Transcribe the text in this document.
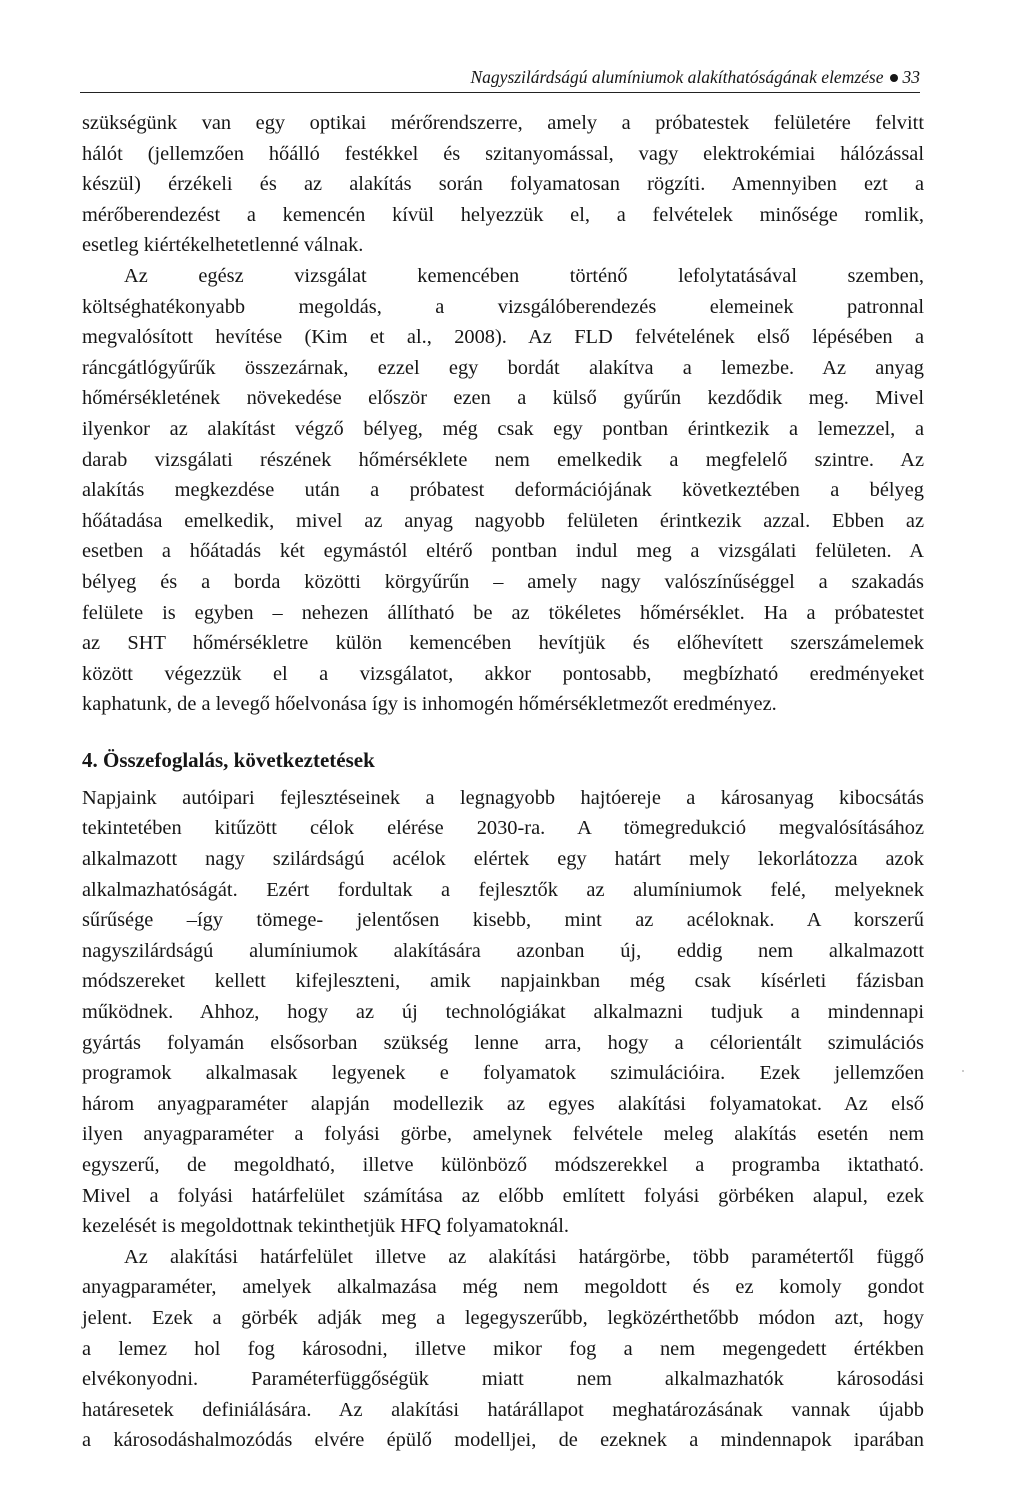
Nagyszilárdságú alumíniumok alakíthatóságának elemzése 33

szükségünk van egy optikai mérőrendszerre, amely a próbatestek felületére felvitt
hálót (jellemzően hőálló festékkel és szitanyomással, vagy elektrokémiai hálózással
készül) érzékeli és az alakítás során folyamatosan rögzíti. Amennyiben ezt a
mérőberendezést a kemencén kívül helyezzük el, a felvételek minősége romlik,
esetleg kiértékelhetetlenné válnak.

Az egész vizsgálat kemencében történő lefolytatásával szemben,
költséghatékonyabb megoldás, a vizsgálóberendezés elemeinek patronnal
megvalósított hevítése (Kim et al., 2008). Az FLD felvételének első lépésében a
ráncgátlógyűrűk összezárnak, ezzel egy bordát alakítva a lemezbe. Az anyag
hőmérsékletének növekedése először ezen a külső gyűrűn kezdődik meg. Mivel
ilyenkor az alakítást végző bélyeg, még csak egy pontban érintkezik a lemezzel, a
darab vizsgálati részének hőmérséklete nem emelkedik a megfelelő szintre. Az
alakítás megkezdése után a próbatest deformációjának következtében a bélyeg
hőátadása emelkedik, mivel az anyag nagyobb felületen érintkezik azzal. Ebben az
esetben a hőátadás két egymástól eltérő pontban indul meg a vizsgálati felületen. A
bélyeg és a borda közötti körgyűrűn – amely nagy valószínűséggel a szakadás
felülete is egyben – nehezen állítható be az tökéletes hőmérséklet. Ha a próbatestet
az SHT hőmérsékletre külön kemencében hevítjük és előhevített szerszámelemek
között végezzük el a vizsgálatot, akkor pontosabb, megbízható eredményeket
kaphatunk, de a levegő hőelvonása így is inhomogén hőmérsékletmezőt eredményez.

4. Összefoglalás, következtetések

Napjaink autóipari fejlesztéseinek a legnagyobb hajtóereje a károsanyag kibocsátás
tekintetében kitűzött célok elérése 2030-ra. A tömegredukció megvalósításához
alkalmazott nagy szilárdságú acélok elértek egy határt mely lekorlátozza azok
alkalmazhatóságát. Ezért fordultak a fejlesztők az alumíniumok felé, melyeknek
sűrűsége –így tömege- jelentősen kisebb, mint az acéloknak. A korszerű
nagyszilárdságú alumíniumok alakítására azonban új, eddig nem alkalmazott
módszereket kellett kifejleszteni, amik napjainkban még csak kísérleti fázisban
működnek. Ahhoz, hogy az új technológiákat alkalmazni tudjuk a mindennapi
gyártás folyamán elsősorban szükség lenne arra, hogy a célorientált szimulációs
programok alkalmasak legyenek e folyamatok szimulációira. Ezek jellemzően
három anyagparaméter alapján modellezik az egyes alakítási folyamatokat. Az első
ilyen anyagparaméter a folyási görbe, amelynek felvétele meleg alakítás esetén nem
egyszerű, de megoldható, illetve különböző módszerekkel a programba iktatható.
Mivel a folyási határfelület számítása az előbb említett folyási görbéken alapul, ezek
kezelését is megoldottnak tekinthetjük HFQ folyamatoknál.

Az alakítási határfelület illetve az alakítási határgörbe, több paramétertől függő
anyagparaméter, amelyek alkalmazása még nem megoldott és ez komoly gondot
jelent. Ezek a görbék adják meg a legegyszerűbb, legközérthetőbb módon azt, hogy
a lemez hol fog károsodni, illetve mikor fog a nem megengedett értékben
elvékonyodni. Paraméterfüggőségük miatt nem alkalmazhatók károsodási
határesetek definiálására. Az alakítási határállapot meghatározásának vannak újabb
a károsodáshalmozódás elvére épülő modelljei, de ezeknek a mindennapok iparában
